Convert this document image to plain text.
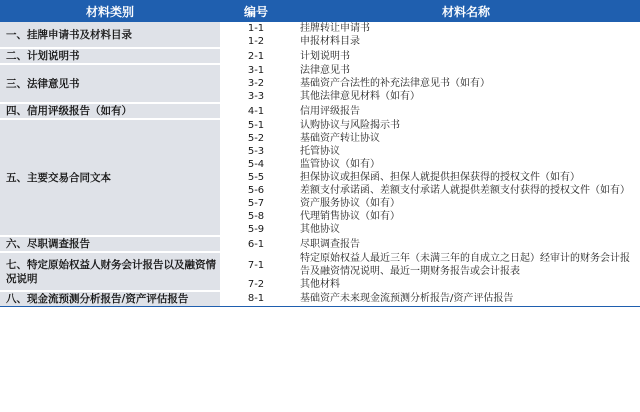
材料类别	编号	材料名称
一、挂牌申请书及材料目录	1-1	挂牌转让申请书
	1-2	申报材料目录
二、计划说明书	2-1	计划说明书
三、法律意见书	3-1	法律意见书
	3-2	基础资产合法性的补充法律意见书（如有）
	3-3	其他法律意见材料（如有）
四、信用评级报告（如有）	4-1	信用评级报告
五、主要交易合同文本	5-1	认购协议与风险揭示书
	5-2	基础资产转让协议
	5-3	托管协议
	5-4	监管协议（如有）
	5-5	担保协议或担保函、担保人就提供担保获得的授权文件（如有）
	5-6	差额支付承诺函、差额支付承诺人就提供差额支付获得的授权文件（如有）
	5-7	资产服务协议（如有）
	5-8	代理销售协议（如有）
	5-9	其他协议
六、尽职调查报告	6-1	尽职调查报告
七、特定原始权益人财务会计报告以及融资情况说明	7-1	特定原始权益人最近三年（未满三年的自成立之日起）经审计的财务会计报告及融资情况说明、最近一期财务报告或会计报表
	7-2	其他材料
八、现金流预测分析报告/资产评估报告	8-1	基础资产未来现金流预测分析报告/资产评估报告
